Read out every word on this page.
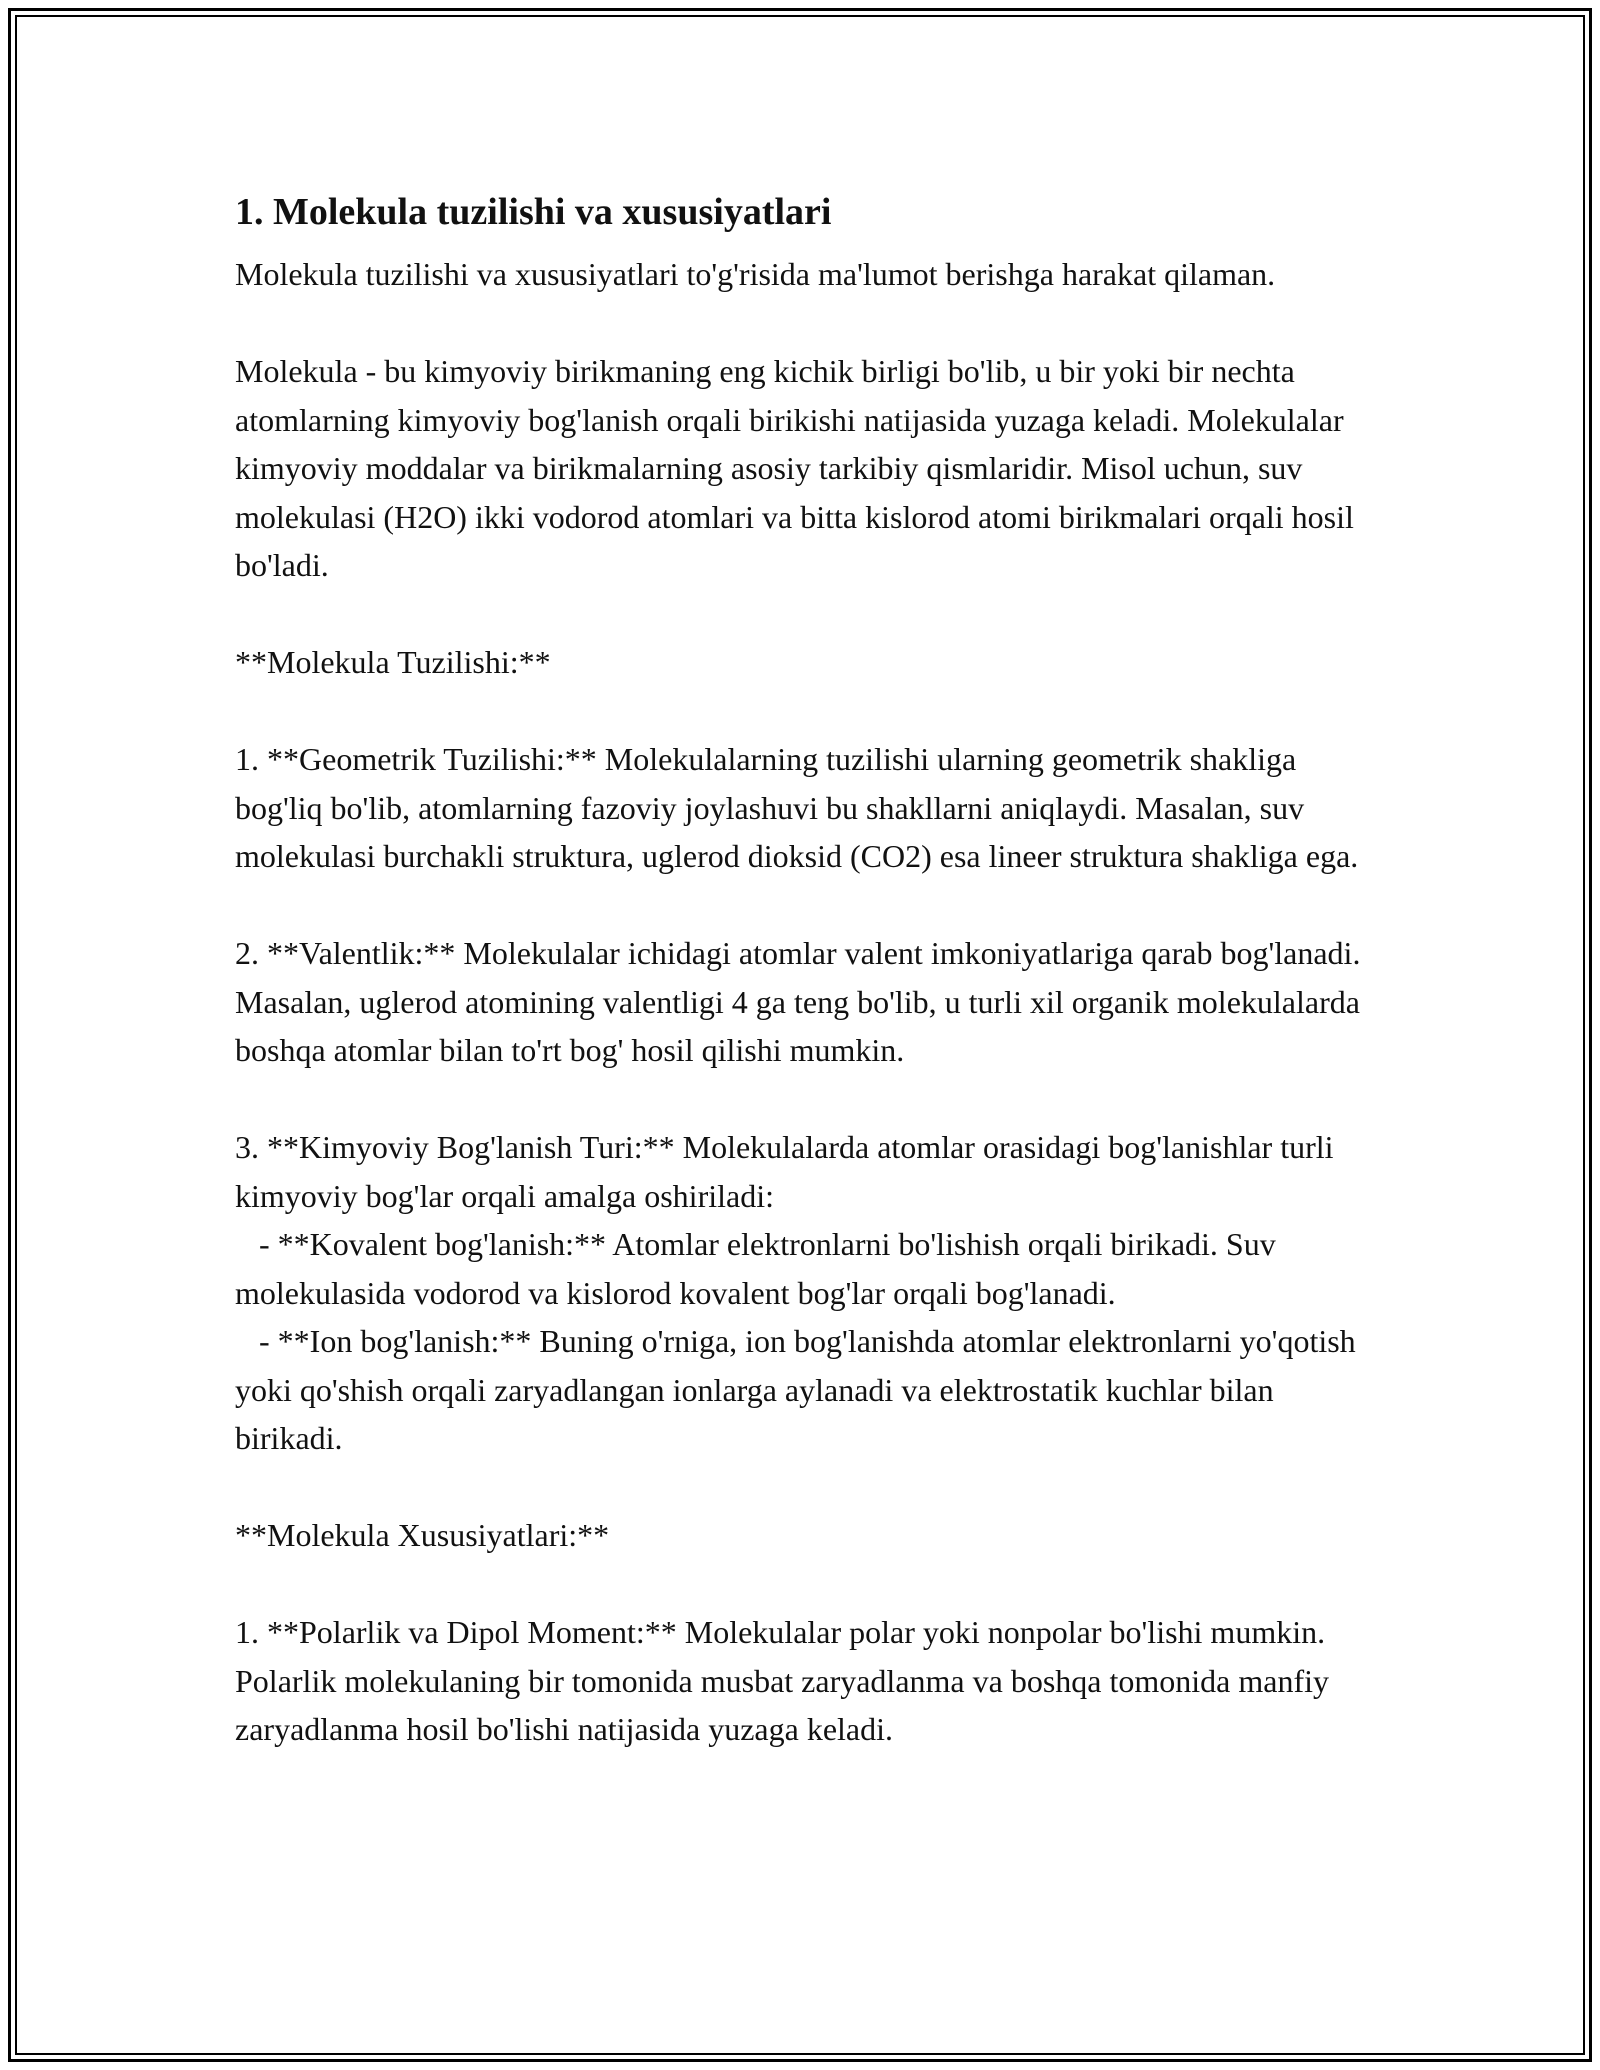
1. Molekula tuzilishi va xususiyatlari
Molekula tuzilishi va xususiyatlari to'g'risida ma'lumot berishga harakat qilaman.
Molekula - bu kimyoviy birikmaning eng kichik birligi bo'lib, u bir yoki bir nechta atomlarning kimyoviy bog'lanish orqali birikishi natijasida yuzaga keladi. Molekulalar kimyoviy moddalar va birikmalarning asosiy tarkibiy qismlaridir. Misol uchun, suv molekulasi (H2O) ikki vodorod atomlari va bitta kislorod atomi birikmalari orqali hosil bo'ladi.
**Molekula Tuzilishi:**
1. **Geometrik Tuzilishi:** Molekulalarning tuzilishi ularning geometrik shakliga bog'liq bo'lib, atomlarning fazoviy joylashuvi bu shakllarni aniqlaydi. Masalan, suv molekulasi burchakli struktura, uglerod dioksid (CO2) esa lineer struktura shakliga ega.
2. **Valentlik:** Molekulalar ichidagi atomlar valent imkoniyatlariga qarab bog'lanadi. Masalan, uglerod atomining valentligi 4 ga teng bo'lib, u turli xil organik molekulalarda boshqa atomlar bilan to'rt bog' hosil qilishi mumkin.
3. **Kimyoviy Bog'lanish Turi:** Molekulalarda atomlar orasidagi bog'lanishlar turli kimyoviy bog'lar orqali amalga oshiriladi:
- **Kovalent bog'lanish:** Atomlar elektronlarni bo'lishish orqali birikadi. Suv molekulasida vodorod va kislorod kovalent bog'lar orqali bog'lanadi.
- **Ion bog'lanish:** Buning o'rniga, ion bog'lanishda atomlar elektronlarni yo'qotish yoki qo'shish orqali zaryadlangan ionlarga aylanadi va elektrostatik kuchlar bilan birikadi.
**Molekula Xususiyatlari:**
1. **Polarlik va Dipol Moment:** Molekulalar polar yoki nonpolar bo'lishi mumkin. Polarlik molekulaning bir tomonida musbat zaryadlanma va boshqa tomonida manfiy zaryadlanma hosil bo'lishi natijasida yuzaga keladi.
